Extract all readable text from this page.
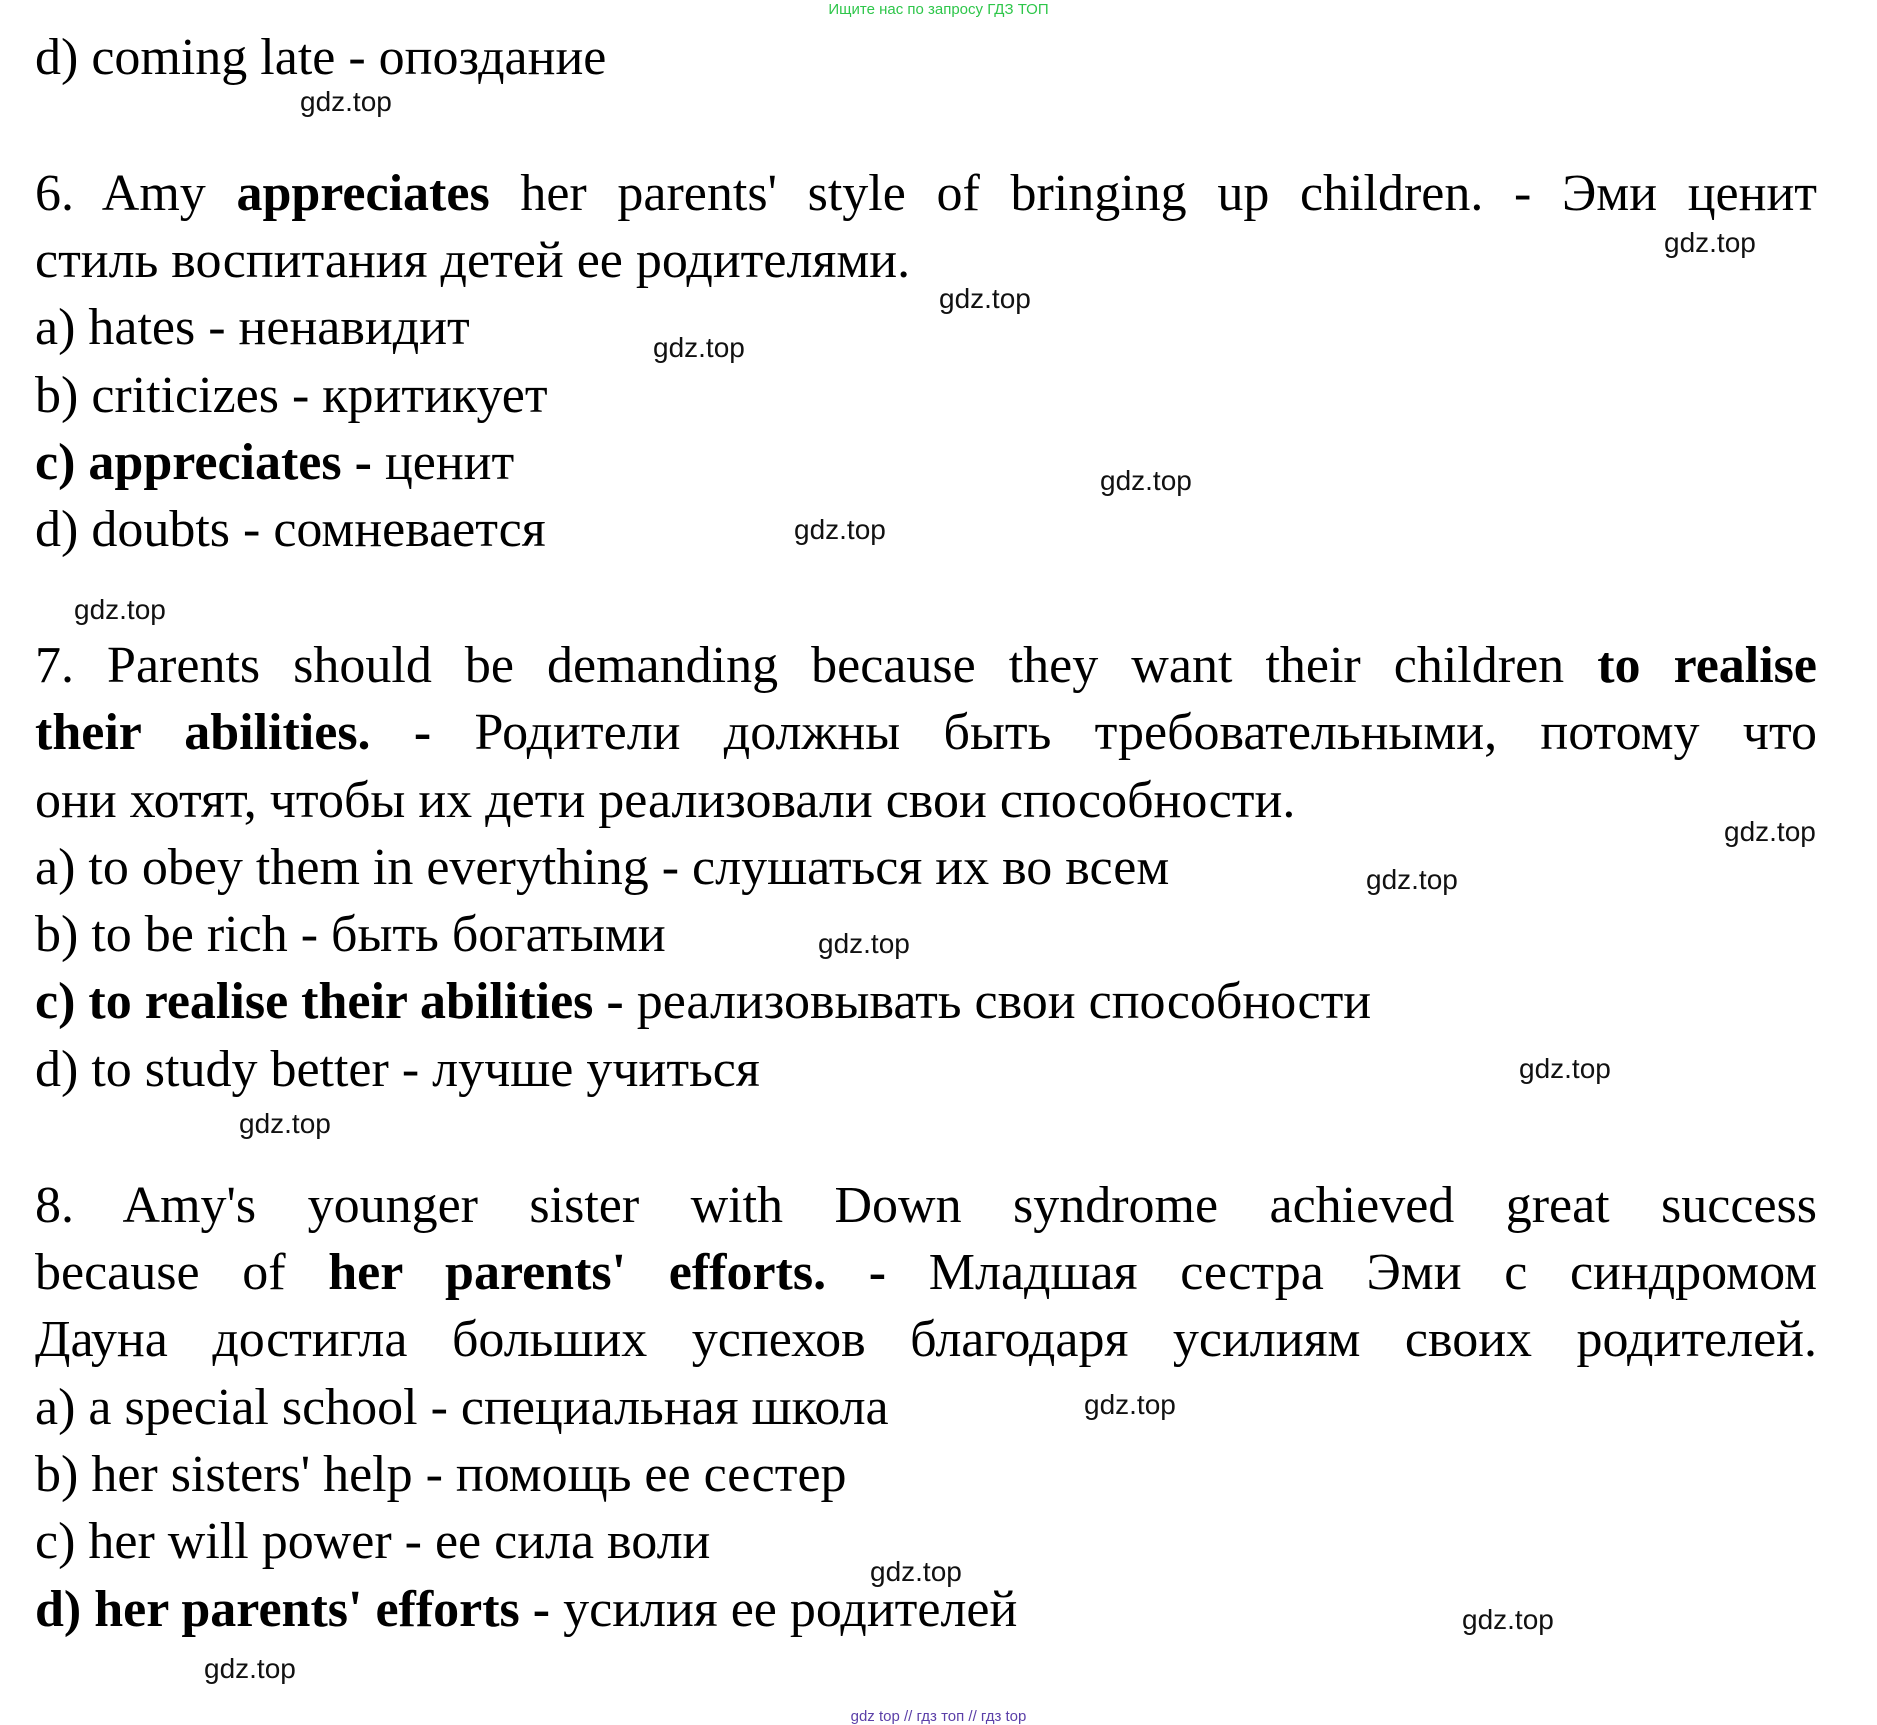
Ищите нас по запросу ГДЗ ТОП
d) coming late - опоздание
6. Amy appreciates her parents' style of bringing up children. - Эми ценит
стиль воспитания детей ее родителями.
a) hates - ненавидит
b) criticizes - критикует
c) appreciates - ценит
d) doubts - сомневается
7. Parents should be demanding because they want their children to realise
their abilities. - Родители должны быть требовательными, потому что
они хотят, чтобы их дети реализовали свои способности.
a) to obey them in everything - слушаться их во всем
b) to be rich - быть богатыми
c) to realise their abilities - реализовывать свои способности
d) to study better - лучше учиться
8. Amy's younger sister with Down syndrome achieved great success
because of her parents' efforts. - Младшая сестра Эми с синдромом
Дауна достигла больших успехов благодаря усилиям своих родителей.
a) a special school - специальная школа
b) her sisters' help - помощь ее сестер
c) her will power - ее сила воли
d) her parents' efforts - усилия ее родителей
gdz.top
gdz.top
gdz.top
gdz.top
gdz.top
gdz.top
gdz.top
gdz.top
gdz.top
gdz.top
gdz.top
gdz.top
gdz.top
gdz.top
gdz.top
gdz.top
gdz top // гдз топ // гдз top
